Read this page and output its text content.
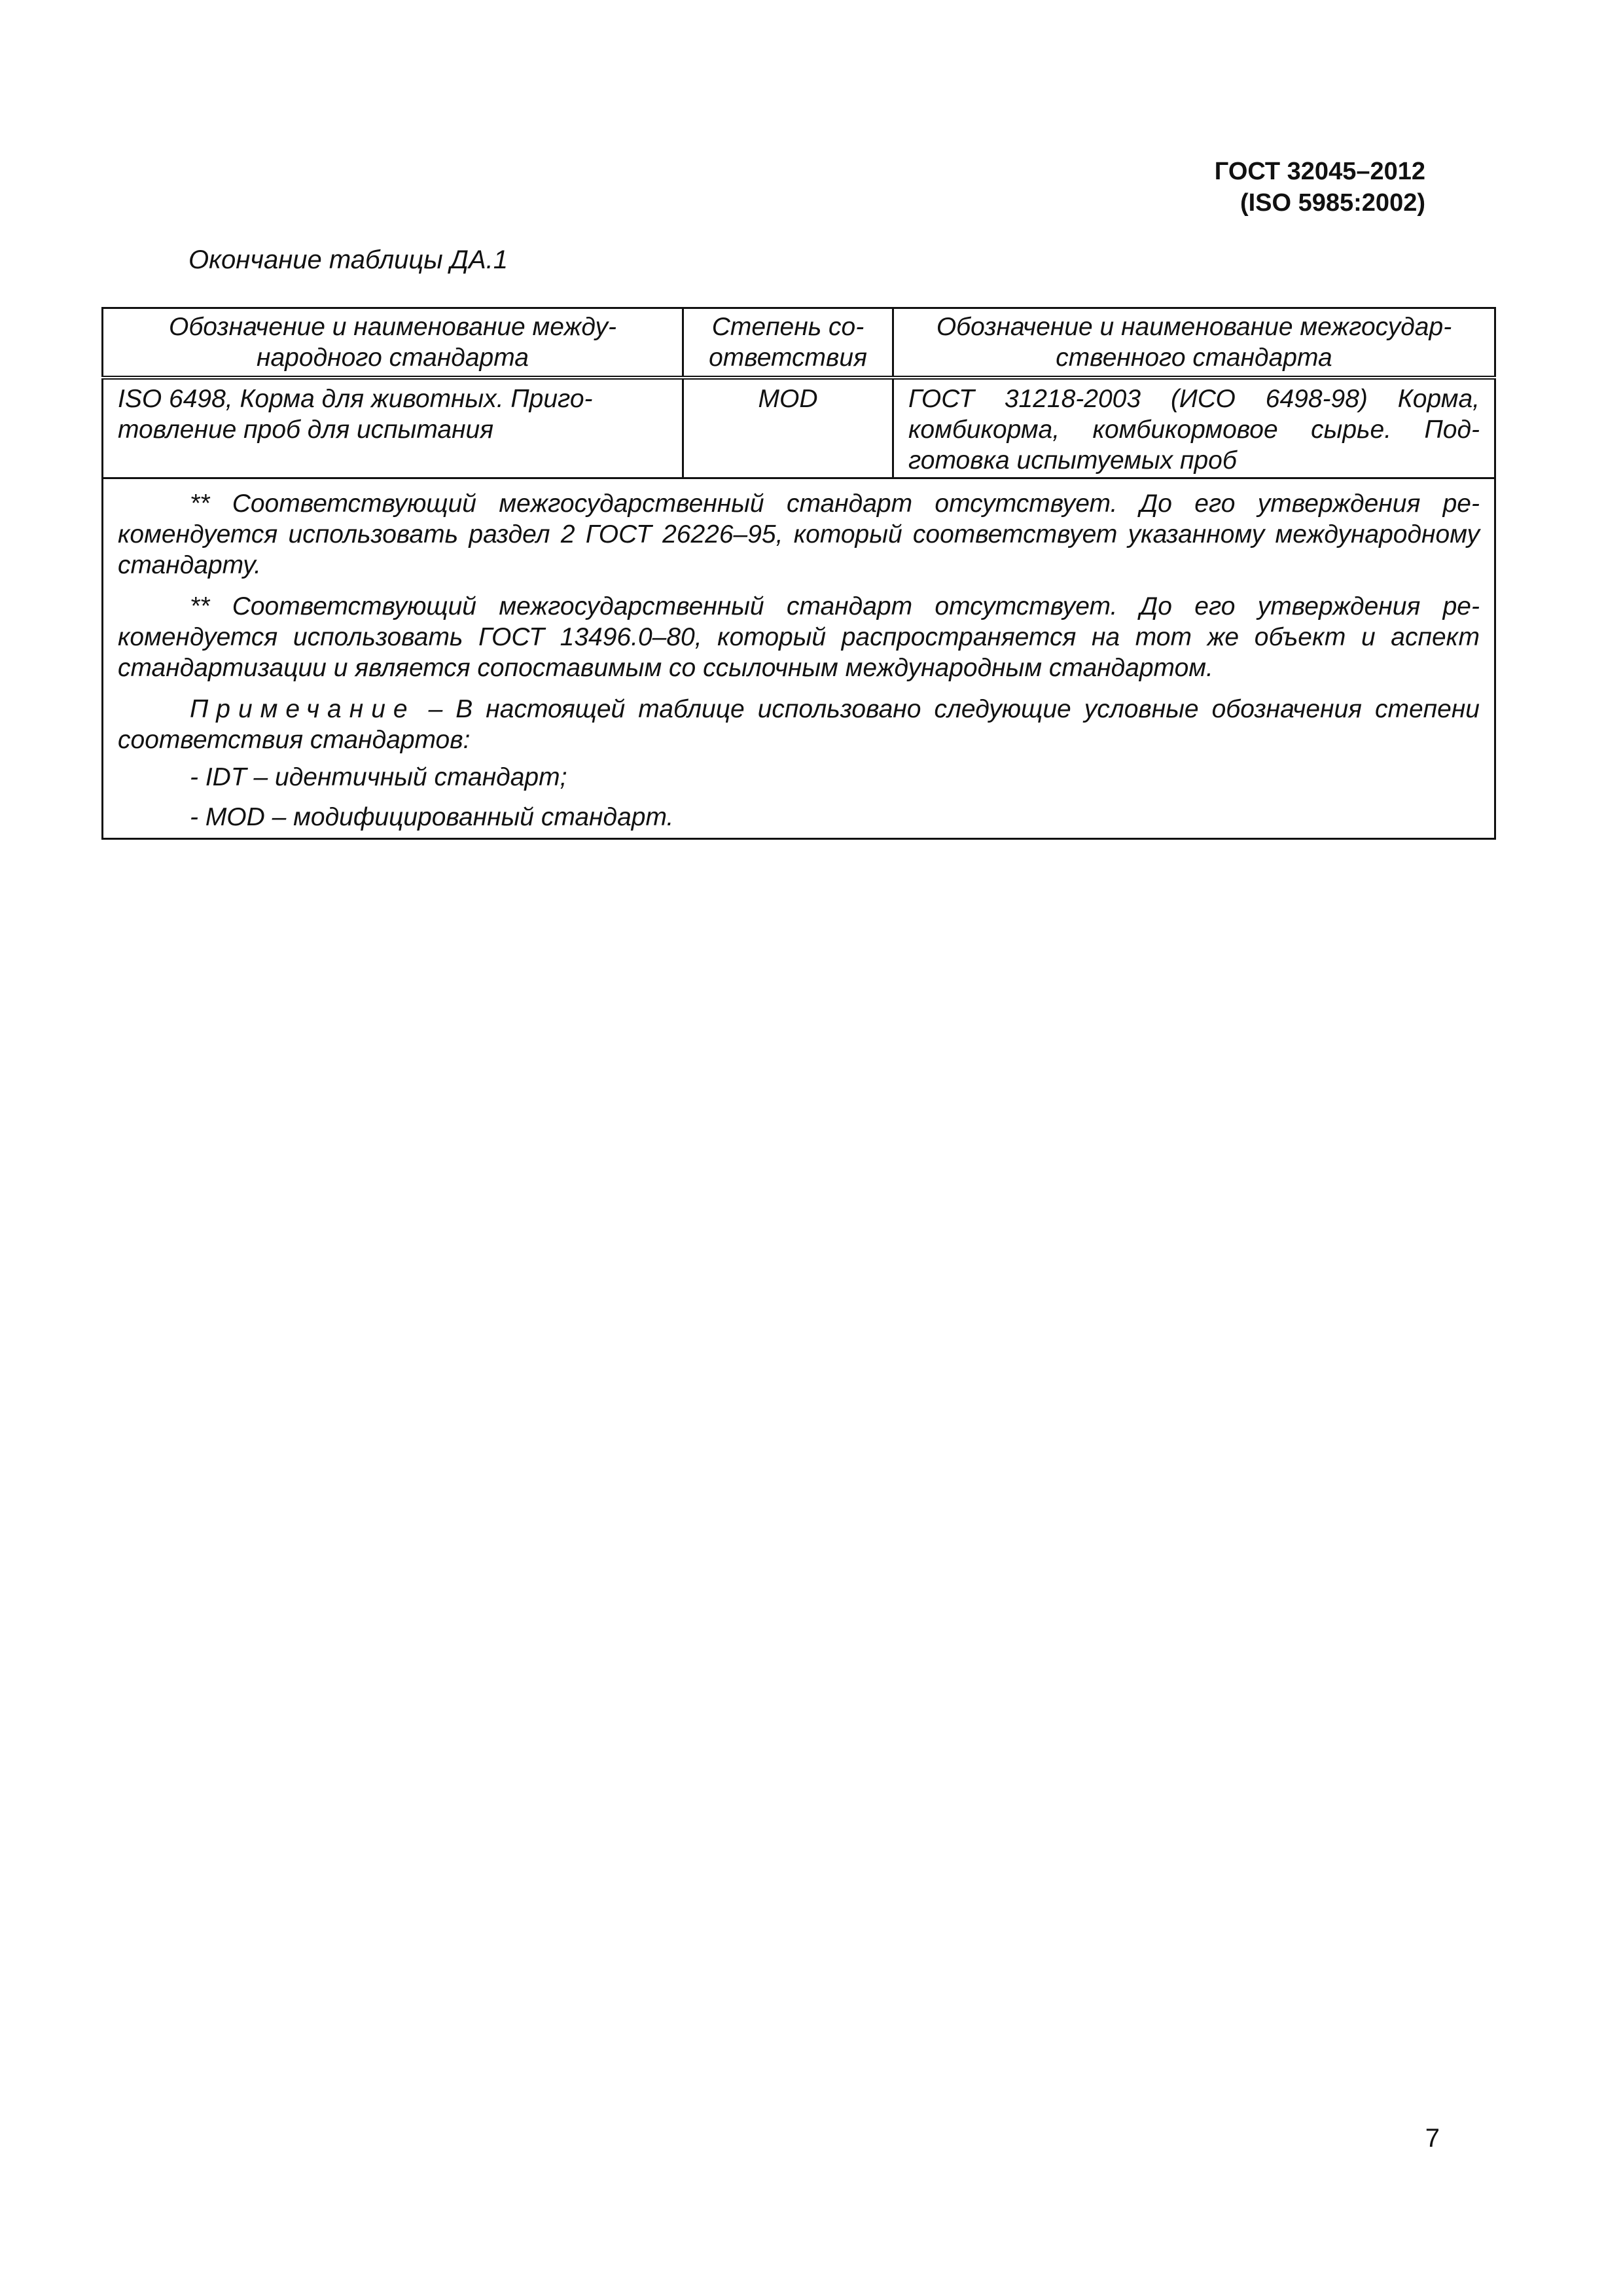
ГОСТ 32045–2012
(ISO 5985:2002)
Окончание таблицы ДА.1
Обозначение и наименование международного стандарта	Степень соответствия	Обозначение и наименование межгосударственного стандарта
ISO 6498, Корма для животных. Приготовление проб для испытания	MOD	ГОСТ 31218-2003 (ИСО 6498-98) Корма, комбикорма, комбикормовое сырье. Подготовка испытуемых проб

** Соответствующий межгосударственный стандарт отсутствует. До его утверждения рекомендуется использовать раздел 2 ГОСТ 26226–95, который соответствует указанному международному стандарту.

** Соответствующий межгосударственный стандарт отсутствует. До его утверждения рекомендуется использовать ГОСТ 13496.0–80, который распространяется на тот же объект и аспект стандартизации и является сопоставимым со ссылочным международным стандартом.

Примечание – В настоящей таблице использовано следующие условные обозначения степени соответствия стандартов:

- IDT – идентичный стандарт;
- MOD – модифицированный стандарт.		
7
